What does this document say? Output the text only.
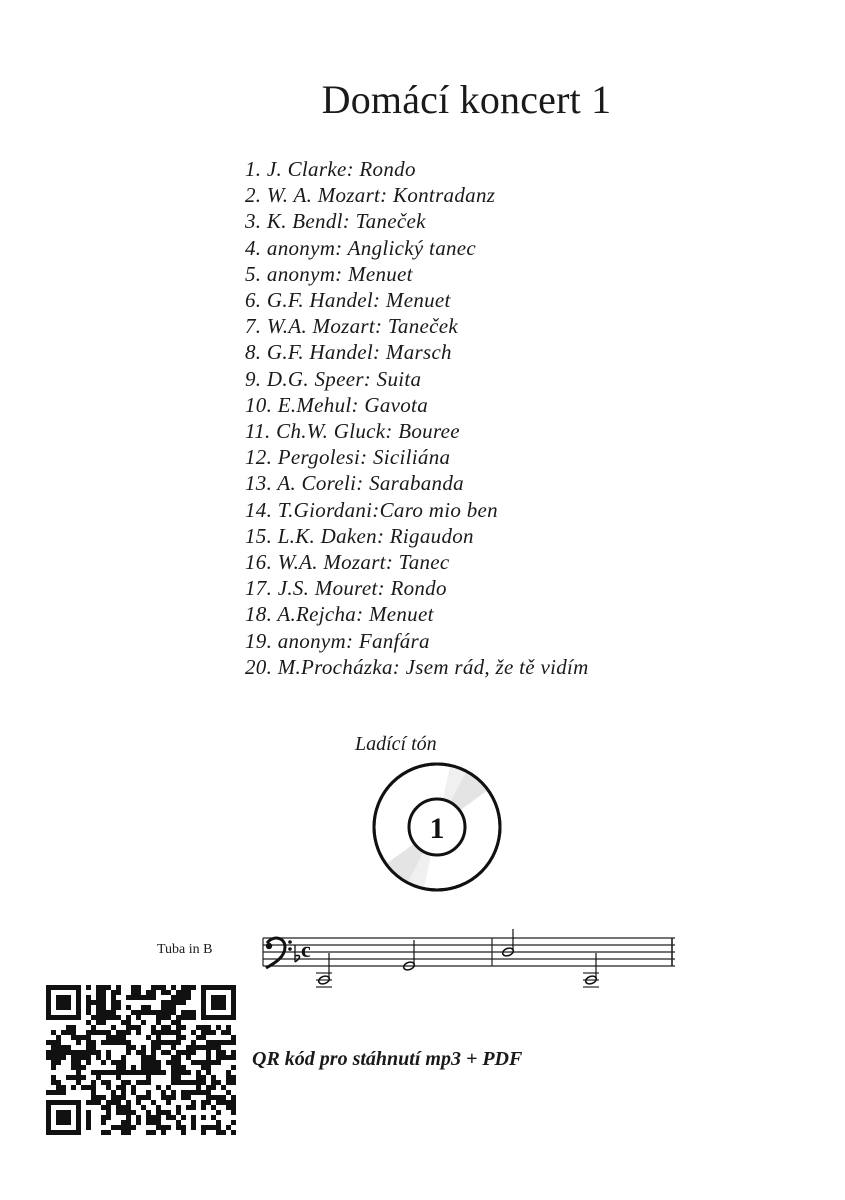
Domácí koncert 1
1. J. Clarke: Rondo
2. W. A. Mozart: Kontradanz
3. K. Bendl: Taneček
4. anonym: Anglický tanec
5. anonym: Menuet
6. G.F. Handel: Menuet
7. W.A. Mozart: Taneček
8. G.F. Handel: Marsch
9. D.G. Speer: Suita
10. E.Mehul: Gavota
11. Ch.W. Gluck: Bouree
12. Pergolesi: Siciliána
13. A. Coreli: Sarabanda
14. T.Giordani:Caro mio ben
15. L.K. Daken: Rigaudon
16. W.A. Mozart: Tanec
17. J.S. Mouret: Rondo
18. A.Rejcha: Menuet
19. anonym: Fanfára
20. M.Procházka: Jsem rád, že tě vidím
Ladící tón
1
Tuba in B	c
QR kód pro stáhnutí mp3 + PDF
